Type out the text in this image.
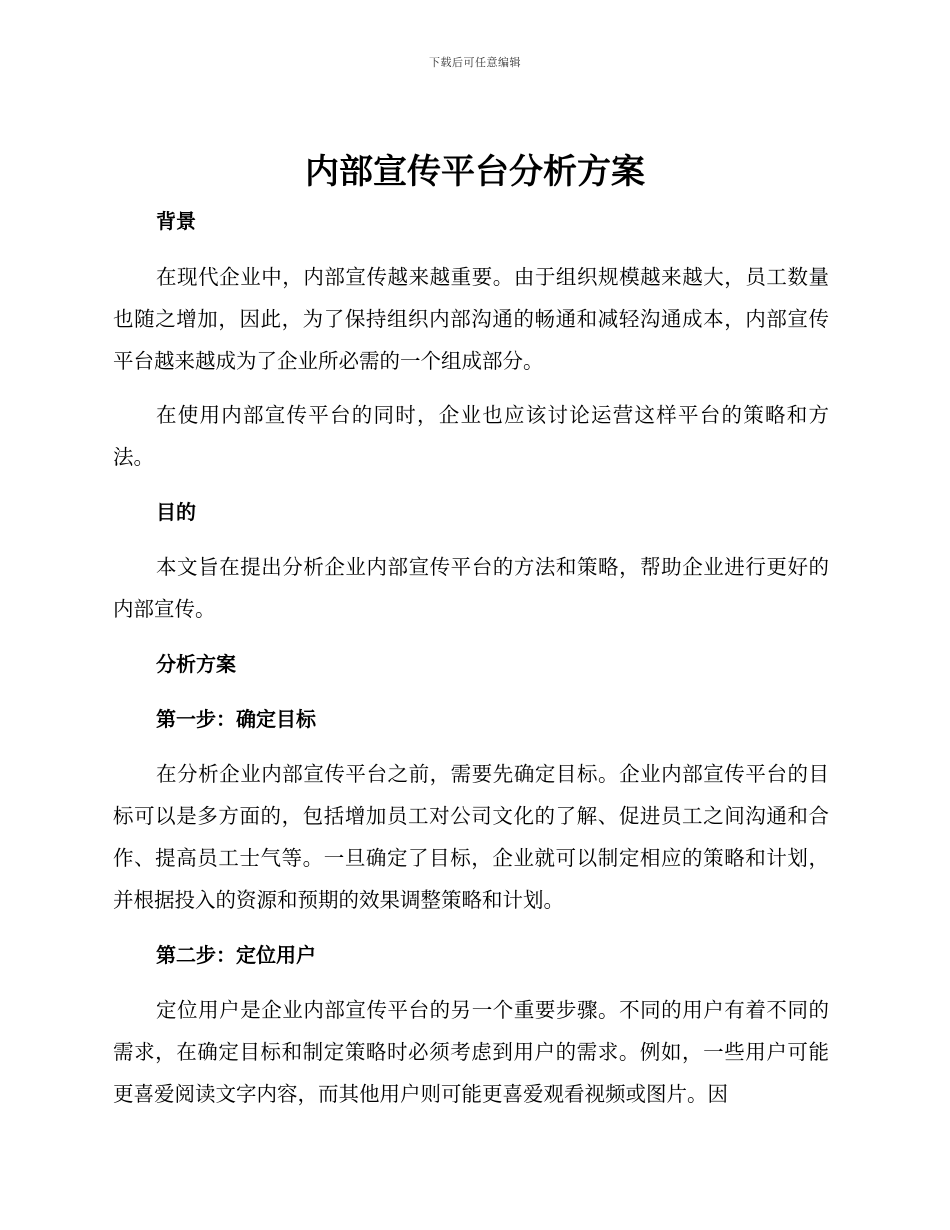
下载后可任意编辑
内部宣传平台分析方案
背景

在现代企业中，内部宣传越来越重要。由于组织规模越来越大，员工数量也随之增加，因此，为了保持组织内部沟通的畅通和减轻沟通成本，内部宣传平台越来越成为了企业所必需的一个组成部分。

在使用内部宣传平台的同时，企业也应该讨论运营这样平台的策略和方法。

目的

本文旨在提出分析企业内部宣传平台的方法和策略，帮助企业进行更好的内部宣传。

分析方案
第一步：确定目标

在分析企业内部宣传平台之前，需要先确定目标。企业内部宣传平台的目标可以是多方面的，包括增加员工对公司文化的了解、促进员工之间沟通和合作、提高员工士气等。一旦确定了目标，企业就可以制定相应的策略和计划，并根据投入的资源和预期的效果调整策略和计划。

第二步：定位用户

定位用户是企业内部宣传平台的另一个重要步骤。不同的用户有着不同的需求，在确定目标和制定策略时必须考虑到用户的需求。例如，一些用户可能更喜爱阅读文字内容，而其他用户则可能更喜爱观看视频或图片。因
